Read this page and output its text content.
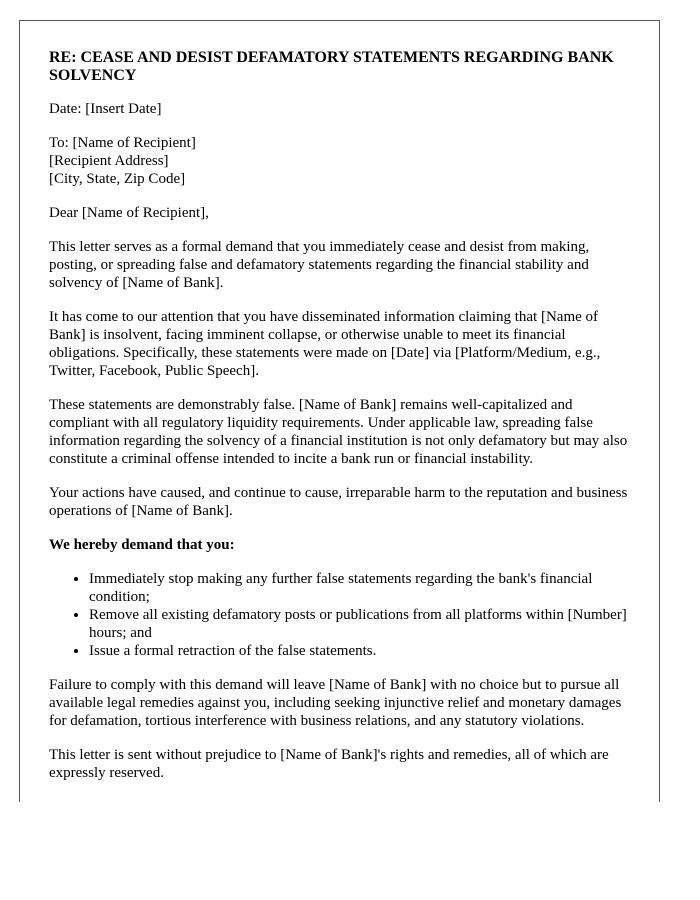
RE: CEASE AND DESIST DEFAMATORY STATEMENTS REGARDING BANK SOLVENCY

Date: [Insert Date]

To: [Name of Recipient]
[Recipient Address]
[City, State, Zip Code]

Dear [Name of Recipient],

This letter serves as a formal demand that you immediately cease and desist from making, posting, or spreading false and defamatory statements regarding the financial stability and solvency of [Name of Bank].

It has come to our attention that you have disseminated information claiming that [Name of Bank] is insolvent, facing imminent collapse, or otherwise unable to meet its financial obligations. Specifically, these statements were made on [Date] via [Platform/Medium, e.g., Twitter, Facebook, Public Speech].

These statements are demonstrably false. [Name of Bank] remains well-capitalized and compliant with all regulatory liquidity requirements. Under applicable law, spreading false information regarding the solvency of a financial institution is not only defamatory but may also constitute a criminal offense intended to incite a bank run or financial instability.

Your actions have caused, and continue to cause, irreparable harm to the reputation and business operations of [Name of Bank].

We hereby demand that you:

• Immediately stop making any further false statements regarding the bank's financial condition;
• Remove all existing defamatory posts or publications from all platforms within [Number] hours; and
• Issue a formal retraction of the false statements.

Failure to comply with this demand will leave [Name of Bank] with no choice but to pursue all available legal remedies against you, including seeking injunctive relief and monetary damages for defamation, tortious interference with business relations, and any statutory violations.

This letter is sent without prejudice to [Name of Bank]'s rights and remedies, all of which are expressly reserved.
